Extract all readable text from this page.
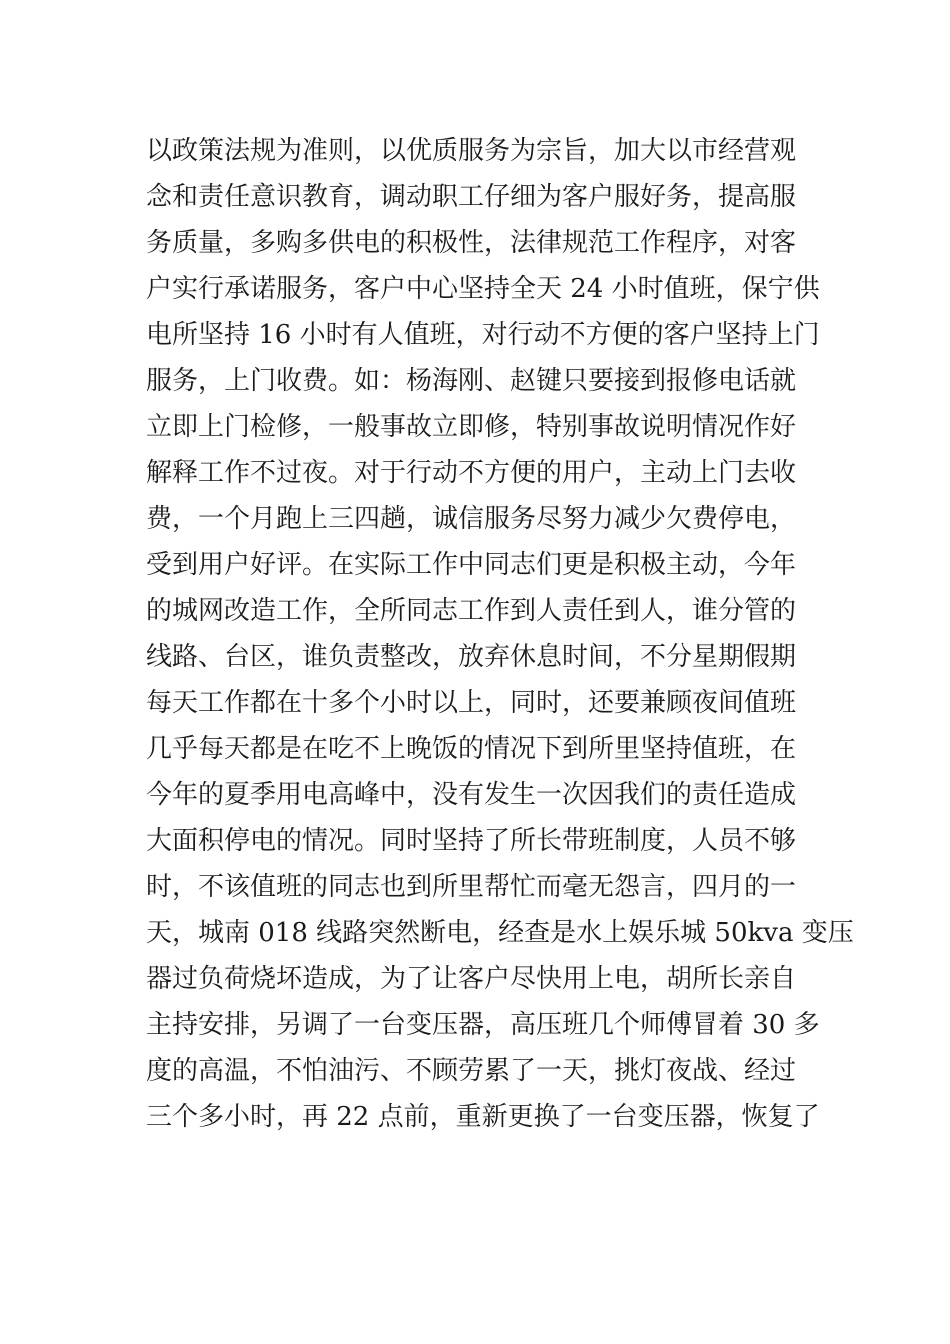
以政策法规为准则，以优质服务为宗旨，加大以市经营观
念和责任意识教育，调动职工仔细为客户服好务，提高服
务质量，多购多供电的积极性，法律规范工作程序，对客
户实行承诺服务，客户中心坚持全天 24 小时值班，保宁供
电所坚持 16 小时有人值班，对行动不方便的客户坚持上门
服务，上门收费。如：杨海刚、赵键只要接到报修电话就
立即上门检修，一般事故立即修，特别事故说明情况作好
解释工作不过夜。对于行动不方便的用户，主动上门去收
费，一个月跑上三四趟，诚信服务尽努力减少欠费停电，
受到用户好评。在实际工作中同志们更是积极主动，今年
的城网改造工作，全所同志工作到人责任到人，谁分管的
线路、台区，谁负责整改，放弃休息时间，不分星期假期
每天工作都在十多个小时以上，同时，还要兼顾夜间值班
几乎每天都是在吃不上晚饭的情况下到所里坚持值班，在
今年的夏季用电高峰中，没有发生一次因我们的责任造成
大面积停电的情况。同时坚持了所长带班制度，人员不够
时，不该值班的同志也到所里帮忙而毫无怨言，四月的一
天，城南 018 线路突然断电，经查是水上娱乐城 50kva 变压
器过负荷烧坏造成，为了让客户尽快用上电，胡所长亲自
主持安排，另调了一台变压器，高压班几个师傅冒着 30 多
度的高温，不怕油污、不顾劳累了一天，挑灯夜战、经过
三个多小时，再 22 点前，重新更换了一台变压器，恢复了
